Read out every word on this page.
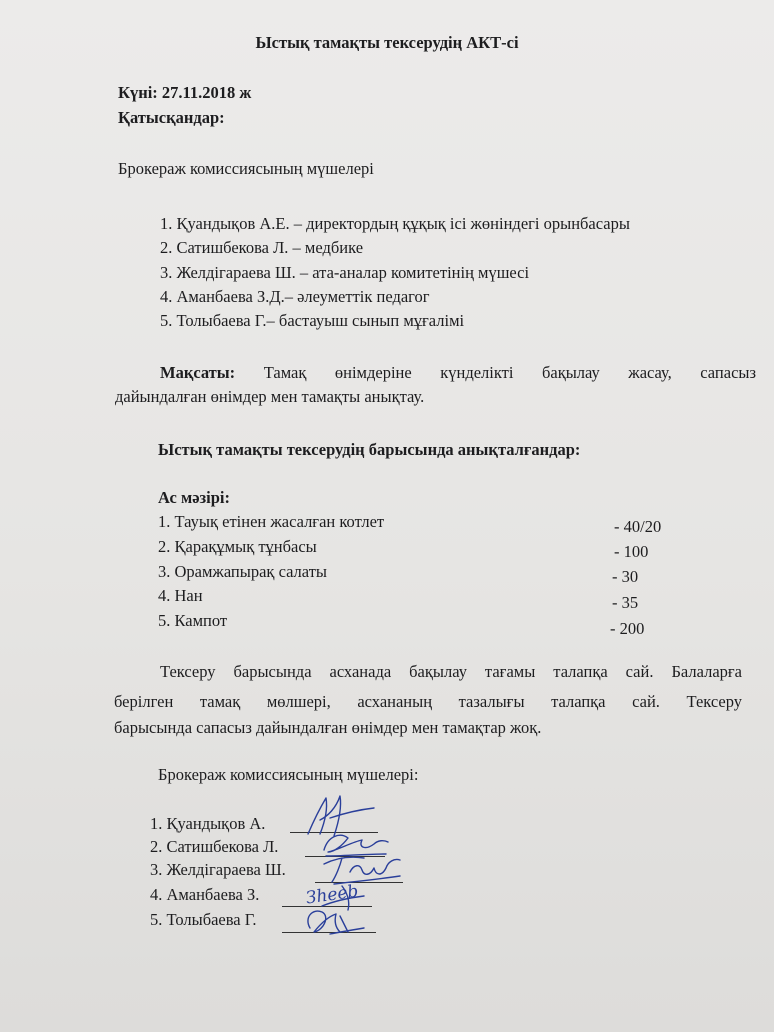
Ыстық тамақты тексерудің АКТ-сі
Күні: 27.11.2018 ж
Қатысқандар:
Брокераж комиссиясының мүшелері
1. Қуандықов А.Е. – директордың құқық ісі жөніндегі орынбасары
2. Сатишбекова Л. – медбике
3. Желдігараева Ш. – ата-аналар комитетінің мүшесі
4. Аманбаева З.Д.– әлеуметтік педагог
5. Толыбаева Г.– бастауыш сынып мұғалімі
Мақсаты: Тамақ өнімдеріне күнделікті бақылау жасау, сапасыз
дайындалған өнімдер мен тамақты анықтау.
Ыстық тамақты тексерудің барысында анықталғандар:
Ас мәзірі:
1. Тауық етінен жасалған котлет	- 40/20
2. Қарақұмық тұнбасы	- 100
3. Орамжапырақ салаты	- 30
4. Нан	- 35
5. Кампот	- 200
Тексеру барысында асханада бақылау тағамы талапқа сай. Балаларға
берілген тамақ мөлшері, асхананың тазалығы талапқа сай. Тексеру
барысында сапасыз дайындалған өнімдер мен тамақтар жоқ.
Брокераж комиссиясының мүшелері:
1. Қуандықов А.
2. Сатишбекова Л.
3. Желдігараева Ш.
4. Аманбаева З.	Зheeb
5. Толыбаева Г.
